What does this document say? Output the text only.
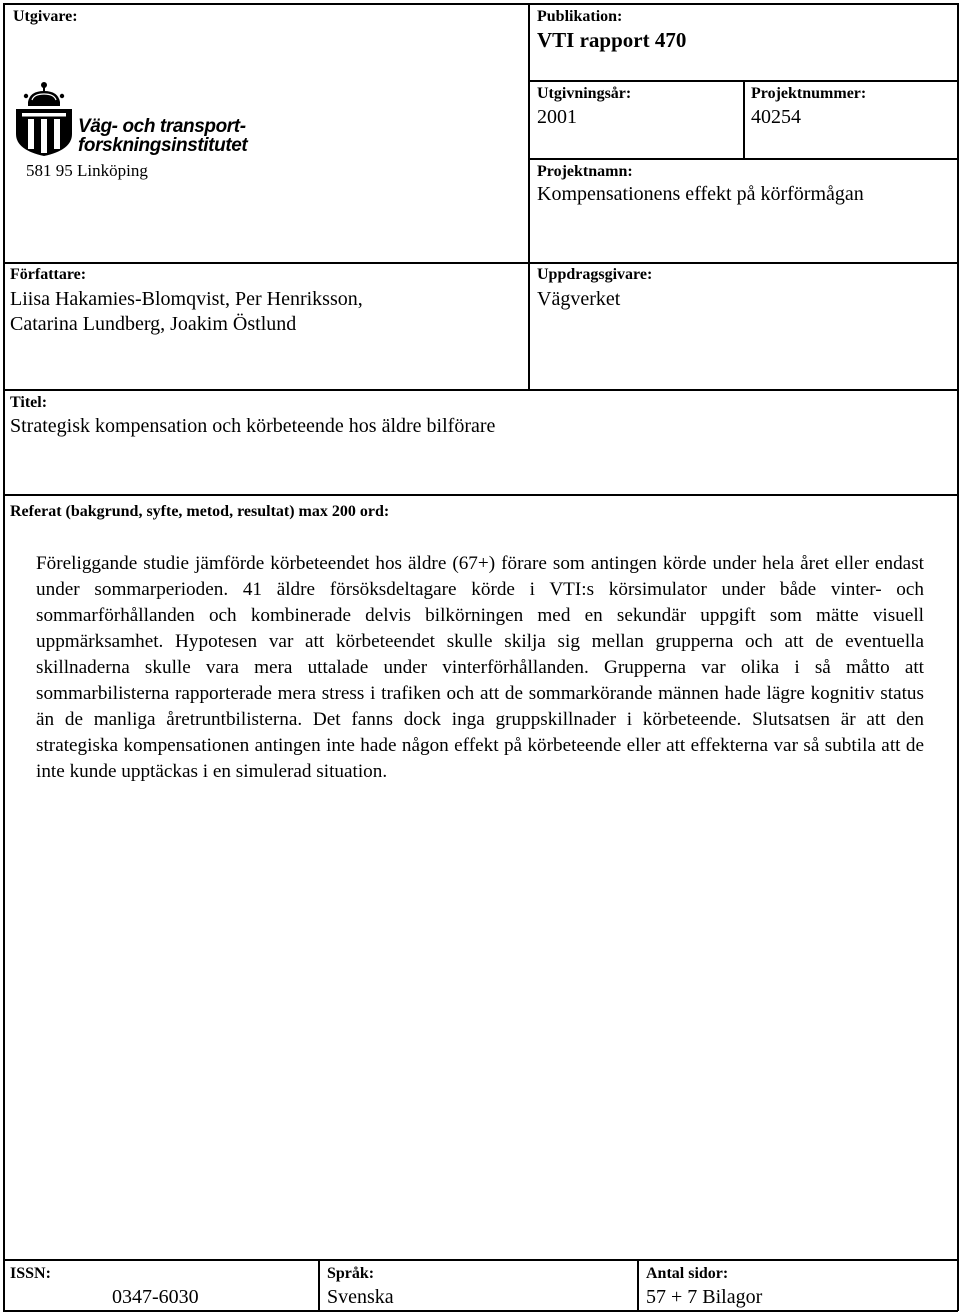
Utgivare:
Väg- och transport-
forskningsinstitutet
581 95 Linköping
Publikation:
VTI rapport 470
Utgivningsår:
2001
Projektnummer:
40254
Projektnamn:
Kompensationens effekt på körförmågan
Författare:
Liisa Hakamies-Blomqvist, Per Henriksson,
Catarina Lundberg, Joakim Östlund
Uppdragsgivare:
Vägverket
Titel:
Strategisk kompensation och körbeteende hos äldre bilförare
Referat (bakgrund, syfte, metod, resultat) max 200 ord:
Föreliggande studie jämförde körbeteendet hos äldre (67+) förare som antingen körde under hela året eller endast under sommarperioden. 41 äldre försöksdeltagare körde i VTI:s körsimulator under både vinter- och sommarförhållanden och kombinerade delvis bilkörningen med en sekundär uppgift som mätte visuell uppmärksamhet. Hypotesen var att körbeteendet skulle skilja sig mellan grupperna och att de eventuella skillnaderna skulle vara mera uttalade under vinterförhållanden. Grupperna var olika i så måtto att sommarbilisterna rapporterade mera stress i trafiken och att de sommarkörande männen hade lägre kognitiv status än de manliga åretruntbilisterna. Det fanns dock inga gruppskillnader i körbeteende. Slutsatsen är att den strategiska kompensationen antingen inte hade någon effekt på körbeteende eller att effekterna var så subtila att de inte kunde upptäckas i en simulerad situation.
ISSN:
0347-6030
Språk:
Svenska
Antal sidor:
57 + 7 Bilagor
